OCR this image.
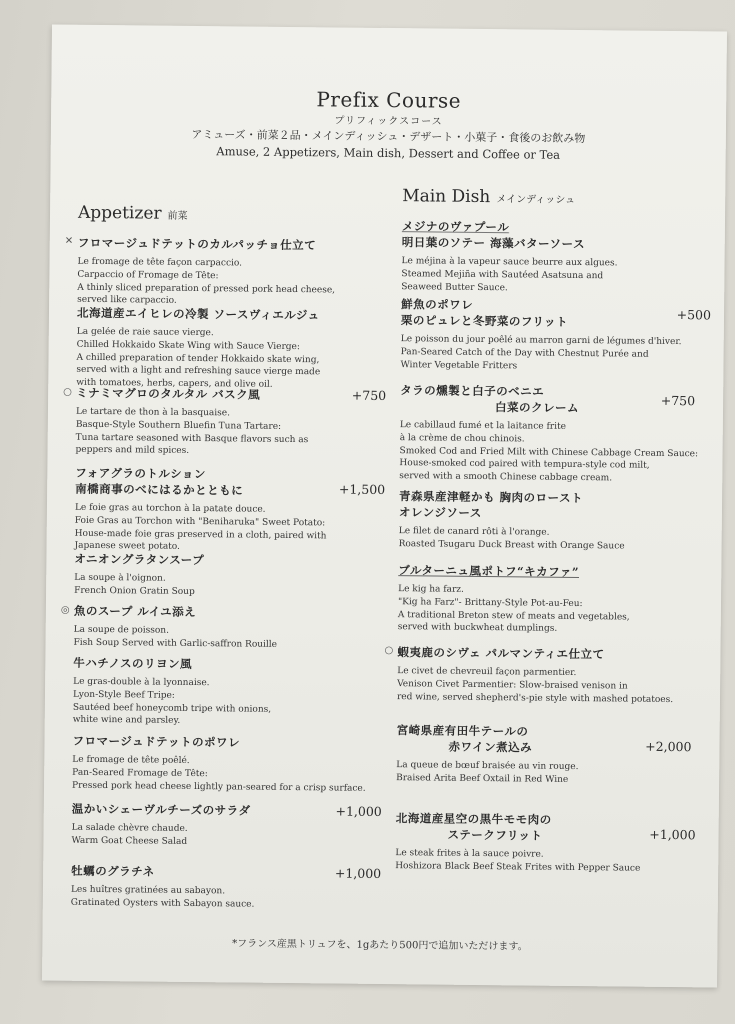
Prefix Course
プリフィックスコース
アミューズ・前菜２品・メインディッシュ・デザート・小菓子・食後のお飲み物
Amuse, 2 Appetizers, Main dish, Dessert and Coffee or Tea
Appetizer 前菜
✕ フロマージュドテットのカルパッチョ仕立て
Le fromage de tête façon carpaccio.
Carpaccio of Fromage de Tête:
A thinly sliced preparation of pressed pork head cheese,
served like carpaccio.
北海道産エイヒレの冷製 ソースヴィエルジュ
La gelée de raie sauce vierge.
Chilled Hokkaido Skate Wing with Sauce Vierge:
A chilled preparation of tender Hokkaido skate wing,
served with a light and refreshing sauce vierge made
with tomatoes, herbs, capers, and olive oil.
○ ミナミマグロのタルタル バスク風	+750
Le tartare de thon à la basquaise.
Basque-Style Southern Bluefin Tuna Tartare:
Tuna tartare seasoned with Basque flavors such as
peppers and mild spices.
フォアグラのトルション
南橋商事のべにはるかとともに	+1,500
Le foie gras au torchon à la patate douce.
Foie Gras au Torchon with "Beniharuka" Sweet Potato:
House-made foie gras preserved in a cloth, paired with
Japanese sweet potato.
オニオングラタンスープ
La soupe à l'oignon.
French Onion Gratin Soup
◎ 魚のスープ ルイユ添え
La soupe de poisson.
Fish Soup Served with Garlic-saffron Rouille
牛ハチノスのリヨン風
Le gras-double à la lyonnaise.
Lyon-Style Beef Tripe:
Sautéed beef honeycomb tripe with onions,
white wine and parsley.
フロマージュドテットのポワレ
Le fromage de tête poêlé.
Pan-Seared Fromage de Tête:
Pressed pork head cheese lightly pan-seared for a crisp surface.
温かいシェーヴルチーズのサラダ	+1,000
La salade chèvre chaude.
Warm Goat Cheese Salad
牡蠣のグラチネ	+1,000
Les huîtres gratinées au sabayon.
Gratinated Oysters with Sabayon sauce.
Main Dish メインディッシュ
メジナのヴァプール
明日葉のソテー 海藻バターソース
Le méjina à la vapeur sauce beurre aux algues.
Steamed Mejiña with Sautéed Asatsuna and
Seaweed Butter Sauce.
鮮魚のポワレ
栗のピュレと冬野菜のフリット	+500
Le poisson du jour poêlé au marron garni de légumes d'hiver.
Pan-Seared Catch of the Day with Chestnut Purée and
Winter Vegetable Fritters
タラの燻製と白子のベニエ
白菜のクレーム	+750
Le cabillaud fumé et la laitance frite
à la crème de chou chinois.
Smoked Cod and Fried Milt with Chinese Cabbage Cream Sauce:
House-smoked cod paired with tempura-style cod milt,
served with a smooth Chinese cabbage cream.
青森県産津軽かも 胸肉のロースト
オレンジソース
Le filet de canard rôti à l'orange.
Roasted Tsugaru Duck Breast with Orange Sauce
ブルターニュ風ポトフ“キカファ”
Le kig ha farz.
"Kig ha Farz"- Brittany-Style Pot-au-Feu:
A traditional Breton stew of meats and vegetables,
served with buckwheat dumplings.
○ 蝦夷鹿のシヴェ パルマンティエ仕立て
Le civet de chevreuil façon parmentier.
Venison Civet Parmentier: Slow-braised venison in
red wine, served shepherd's-pie style with mashed potatoes.
宮崎県産有田牛テールの
赤ワイン煮込み	+2,000
La queue de bœuf braisée au vin rouge.
Braised Arita Beef Oxtail in Red Wine
北海道産星空の黒牛モモ肉の
ステークフリット	+1,000
Le steak frites à la sauce poivre.
Hoshizora Black Beef Steak Frites with Pepper Sauce
*フランス産黒トリュフを、1gあたり500円で追加いただけます。
